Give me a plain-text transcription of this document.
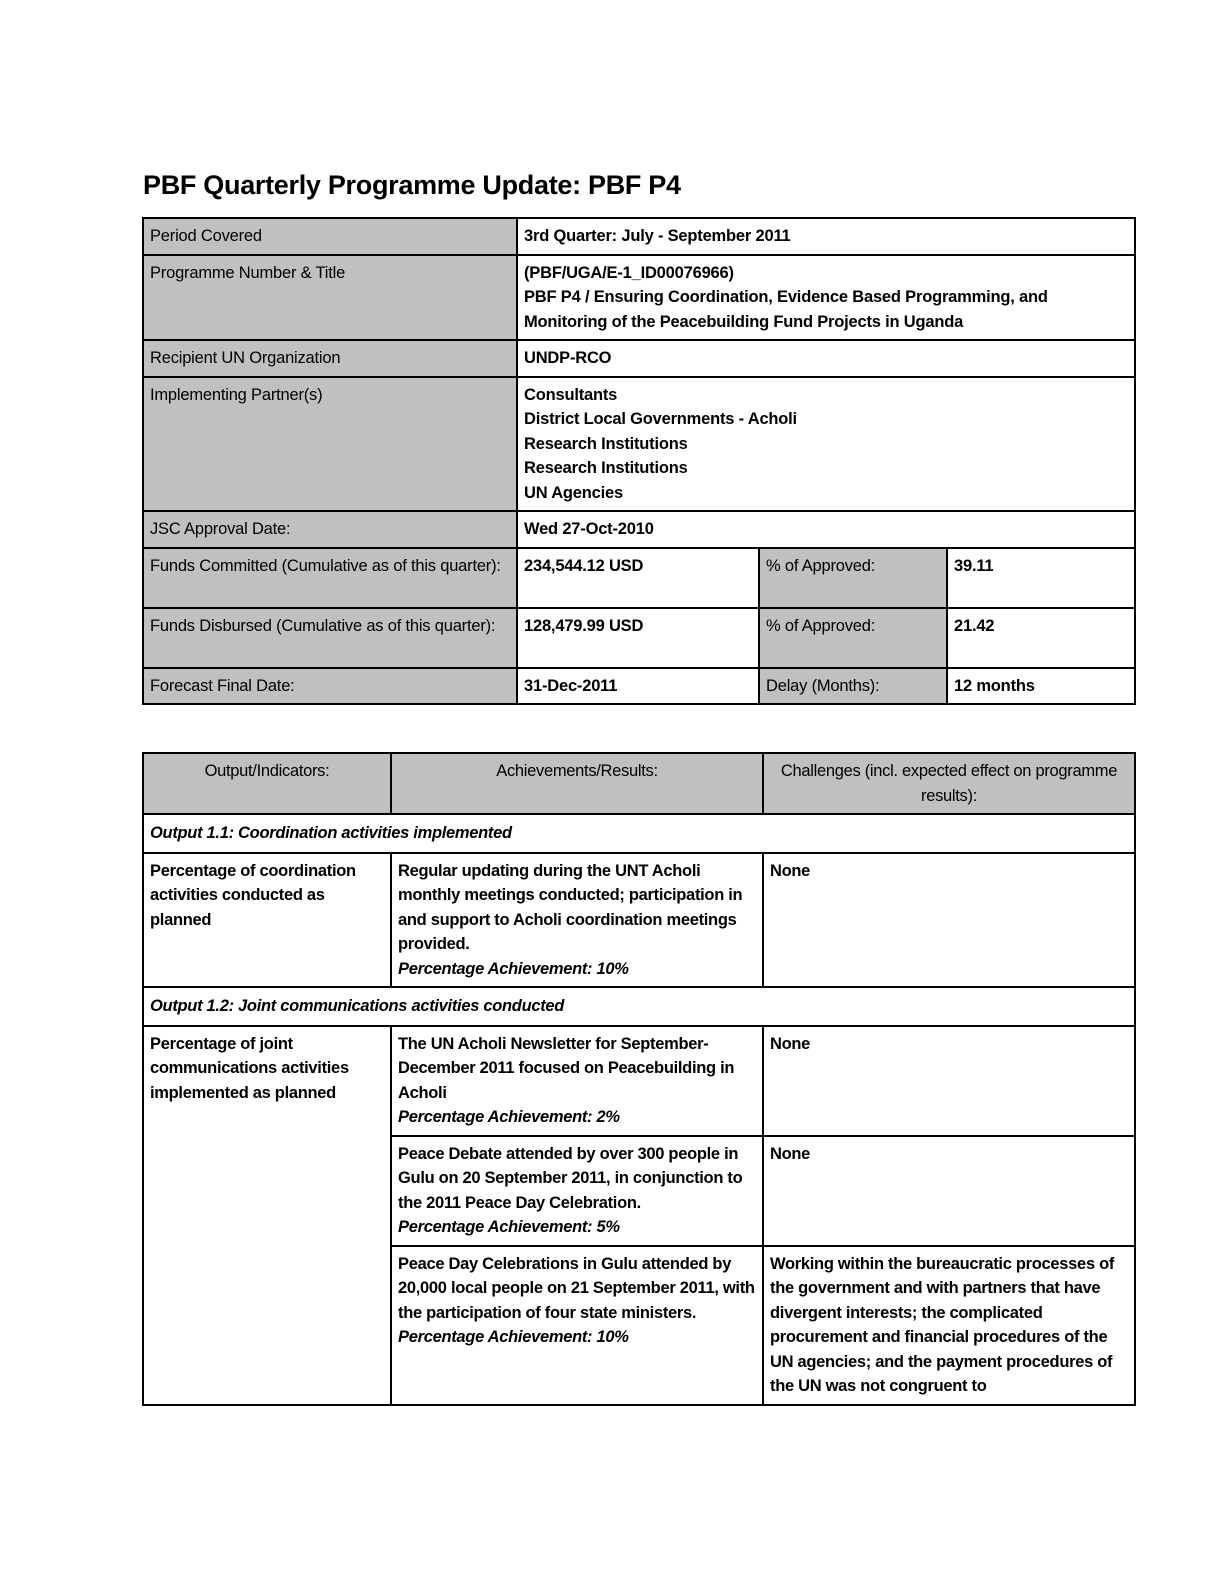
PBF Quarterly Programme Update: PBF P4
Period Covered	3rd Quarter: July - September 2011		
Programme Number & Title	(PBF/UGA/E-1_ID00076966)
PBF P4 / Ensuring Coordination, Evidence Based Programming, and
Monitoring of the Peacebuilding Fund Projects in Uganda		

Recipient UN Organization	UNDP-RCO		
Implementing Partner(s)	Consultants
District Local Governments - Acholi
Research Institutions
Research Institutions
UN Agencies		

JSC Approval Date:	Wed 27-Oct-2010		
Funds Committed (Cumulative as of this quarter):	234,544.12 USD	% of Approved:	39.11
Funds Disbursed (Cumulative as of this quarter):	128,479.99 USD	% of Approved:	21.42
Forecast Final Date:	31-Dec-2011	Delay (Months):	12 months
Output/Indicators:	Achievements/Results:	Challenges (incl. expected effect on programme results):
Output 1.1: Coordination activities implemented		
Percentage of coordination activities conducted as planned	Regular updating during the UNT Acholi monthly meetings conducted; participation in and support to Acholi coordination meetings provided.
Percentage Achievement: 10%	None
Output 1.2: Joint communications activities conducted		
Percentage of joint communications activities implemented as planned	The UN Acholi Newsletter for September-December 2011 focused on Peacebuilding in Acholi
Percentage Achievement: 2%	None
	Peace Debate attended by over 300 people in Gulu on 20 September 2011, in conjunction to the 2011 Peace Day Celebration.
Percentage Achievement: 5%	None
	Peace Day Celebrations in Gulu attended by 20,000 local people on 21 September 2011, with the participation of four state ministers.
Percentage Achievement: 10%	Working within the bureaucratic processes of the government and with partners that have divergent interests; the complicated procurement and financial procedures of the UN agencies; and the payment procedures of the UN was not congruent to
